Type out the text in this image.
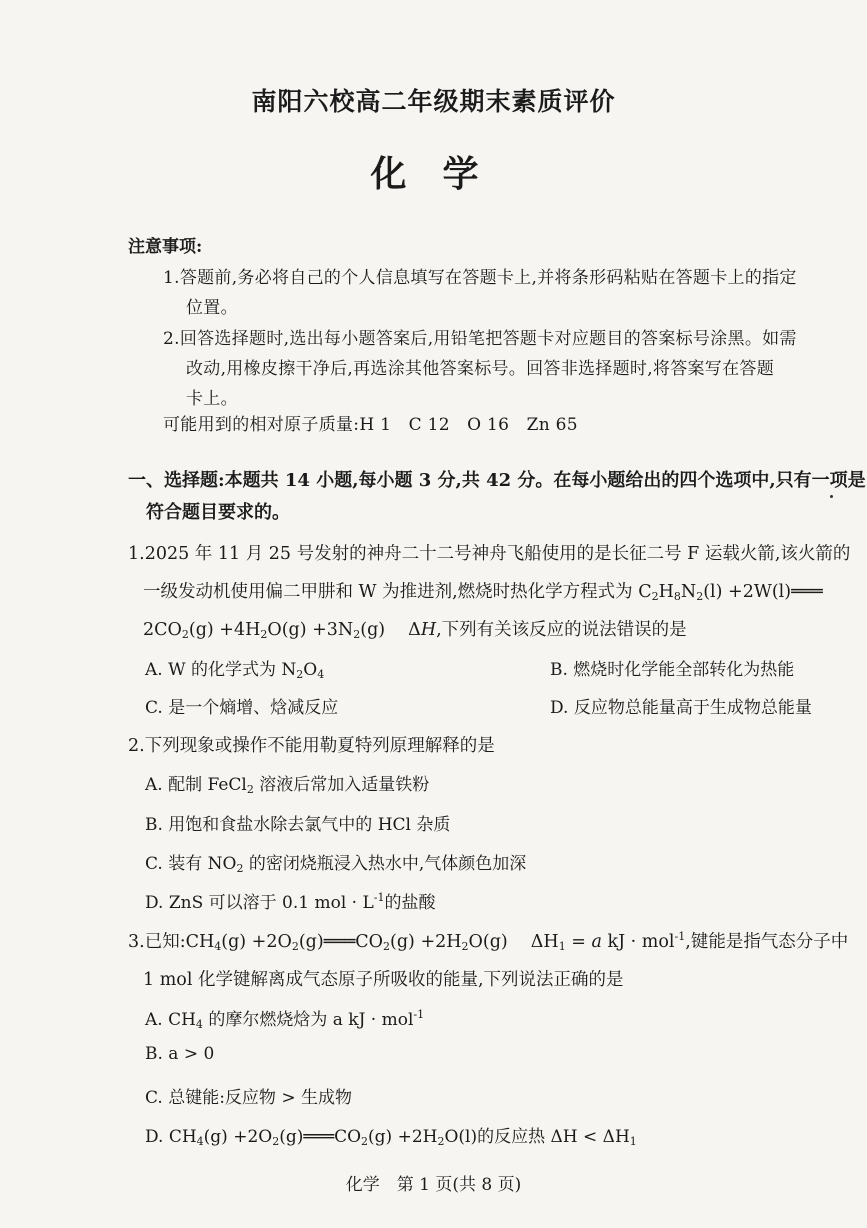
南阳六校高二年级期末素质评价
化学
注意事项:
1.答题前,务必将自己的个人信息填写在答题卡上,并将条形码粘贴在答题卡上的指定
位置。
2.回答选择题时,选出每小题答案后,用铅笔把答题卡对应题目的答案标号涂黑。如需
改动,用橡皮擦干净后,再选涂其他答案标号。回答非选择题时,将答案写在答题
卡上。
可能用到的相对原子质量:H 1　C 12　O 16　Zn 65
一、选择题:本题共 14 小题,每小题 3 分,共 42 分。在每小题给出的四个选项中,只有一项是
符合题目要求的。
1.2025 年 11 月 25 号发射的神舟二十二号神舟飞船使用的是长征二号 F 运载火箭,该火箭的
一级发动机使用偏二甲肼和 W 为推进剂,燃烧时热化学方程式为 $C_2H_8N_2(l)$ +2W(l)═══
$2CO_2(g) +4H_2O(g) +3N_2(g)$　 ΔH,下列有关该反应的说法错误的是
A. W 的化学式为 $N_2O_4$	B. 燃烧时化学能全部转化为热能
C. 是一个熵增、焓减反应	D. 反应物总能量高于生成物总能量
2.下列现象或操作不能用勒夏特列原理解释的是
A. 配制 FeCl$_2$ 溶液后常加入适量铁粉
B. 用饱和食盐水除去氯气中的 HCl 杂质
C. 装有 $NO_2$ 的密闭烧瓶浸入热水中,气体颜色加深
D. ZnS 可以溶于 0.1 mol · $L^{-1}$的盐酸
3.已知$:CH_4(g)$ $+2O_2(g)═══CO_2(g) +2H_2O(g)$　 $\Delta H_1 = a$ kJ · mol$^{-1}$,键能是指气态分子中
1 mol 化学键解离成气态原子所吸收的能量,下列说法正确的是
A. $CH_4$ 的摩尔燃烧焓为 a kJ · mol$^{-1}$
B. a > 0
C. 总键能:反应物 > 生成物
D. $CH_4(g)$ $+2O_2(g)═══CO_2(g) +2H_2O(l)$的反应热 $\Delta H < \Delta H_1$
化学　第 1 页(共 8 页)
